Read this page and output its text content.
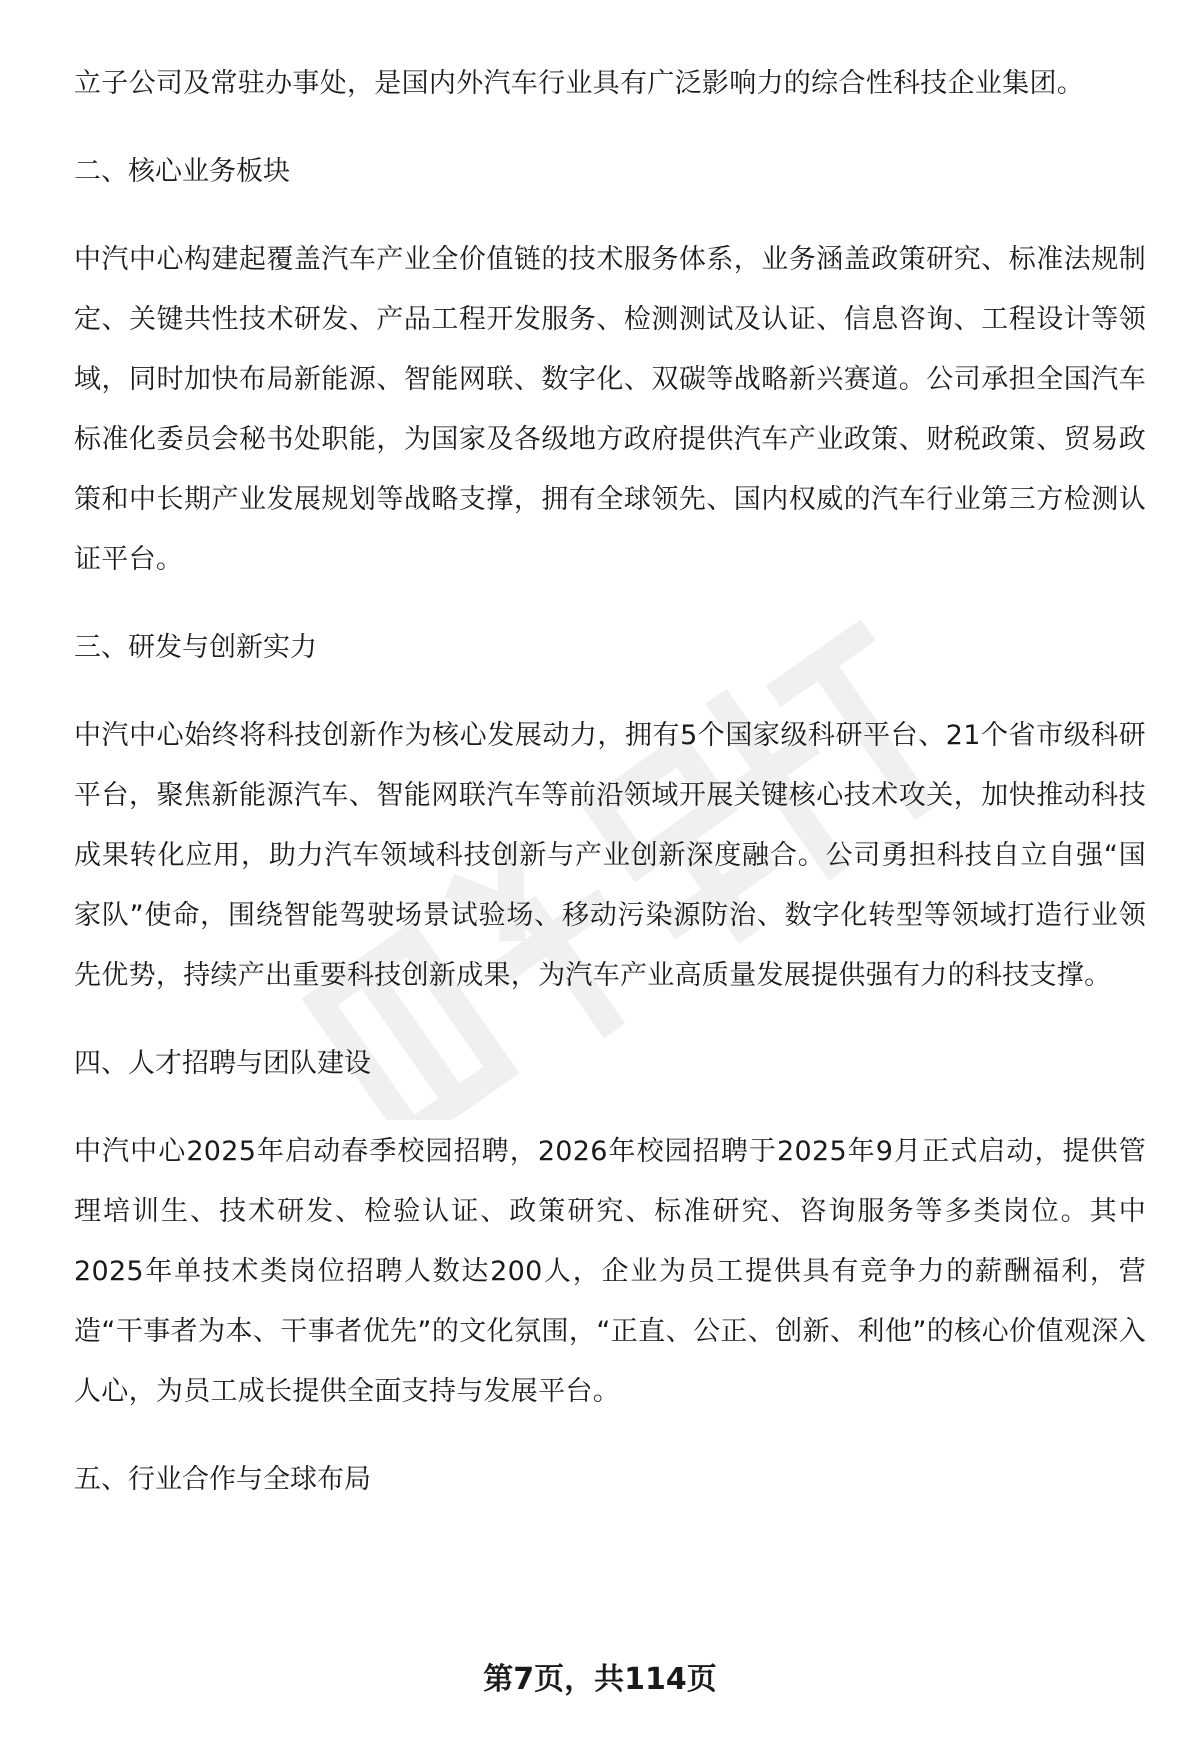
立子公司及常驻办事处，是国内外汽车行业具有广泛影响力的综合性科技企业集团。

二、核心业务板块

中汽中心构建起覆盖汽车产业全价值链的技术服务体系，业务涵盖政策研究、标准法规制定、关键共性技术研发、产品工程开发服务、检测测试及认证、信息咨询、工程设计等领域，同时加快布局新能源、智能网联、数字化、双碳等战略新兴赛道。公司承担全国汽车标准化委员会秘书处职能，为国家及各级地方政府提供汽车产业政策、财税政策、贸易政策和中长期产业发展规划等战略支撑，拥有全球领先、国内权威的汽车行业第三方检测认证平台。

三、研发与创新实力

中汽中心始终将科技创新作为核心发展动力，拥有5个国家级科研平台、21个省市级科研平台，聚焦新能源汽车、智能网联汽车等前沿领域开展关键核心技术攻关，加快推动科技成果转化应用，助力汽车领域科技创新与产业创新深度融合。公司勇担科技自立自强“国家队”使命，围绕智能驾驶场景试验场、移动污染源防治、数字化转型等领域打造行业领先优势，持续产出重要科技创新成果，为汽车产业高质量发展提供强有力的科技支撑。

四、人才招聘与团队建设

中汽中心2025年启动春季校园招聘，2026年校园招聘于2025年9月正式启动，提供管理培训生、技术研发、检验认证、政策研究、标准研究、咨询服务等多类岗位。其中2025年单技术类岗位招聘人数达200人，企业为员工提供具有竞争力的薪酬福利，营造“干事者为本、干事者优先”的文化氛围，“正直、公正、创新、利他”的核心价值观深入人心，为员工成长提供全面支持与发展平台。

五、行业合作与全球布局

第7页，共114页
